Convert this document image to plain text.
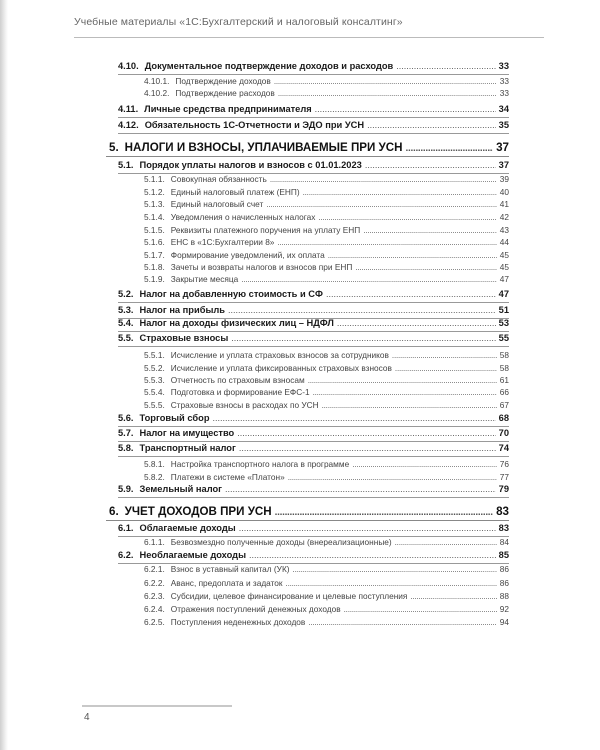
Учебные материалы «1С:Бухгалтерский и налоговый консалтинг»
4.10. Документальное подтверждение доходов и расходов .....	33
4.10.1. Подтверждение доходов .....	33
4.10.2. Подтверждение расходов .....	33
4.11. Личные средства предпринимателя .....	34
4.12. Обязательность 1С-Отчетности и ЭДО при УСН .....	35
5. НАЛОГИ И ВЗНОСЫ, УПЛАЧИВАЕМЫЕ ПРИ УСН .....	37
5.1. Порядок уплаты налогов и взносов с 01.01.2023 .....	37
5.1.1. Совокупная обязанность .....	39
5.1.2. Единый налоговый платеж (ЕНП) .....	40
5.1.3. Единый налоговый счет .....	41
5.1.4. Уведомления о начисленных налогах .....	42
5.1.5. Реквизиты платежного поручения на уплату ЕНП .....	43
5.1.6. ЕНС в «1С:Бухгалтерии 8» .....	44
5.1.7. Формирование уведомлений, их оплата .....	45
5.1.8. Зачеты и возвраты налогов и взносов при ЕНП .....	45
5.1.9. Закрытие месяца .....	47
5.2. Налог на добавленную стоимость и СФ .....	47
5.3. Налог на прибыль .....	51
5.4. Налог на доходы физических лиц – НДФЛ .....	53
5.5. Страховые взносы .....	55
5.5.1. Исчисление и уплата страховых взносов за сотрудников .....	58
5.5.2. Исчисление и уплата фиксированных страховых взносов .....	58
5.5.3. Отчетность по страховым взносам .....	61
5.5.4. Подготовка и формирование ЕФС-1 .....	66
5.5.5. Страховые взносы в расходах по УСН .....	67
5.6. Торговый сбор .....	68
5.7. Налог на имущество .....	70
5.8. Транспортный налог .....	74
5.8.1. Настройка транспортного налога в программе .....	76
5.8.2. Платежи в системе «Платон» .....	77
5.9. Земельный налог .....	79
6. УЧЕТ ДОХОДОВ ПРИ УСН .....	83
6.1. Облагаемые доходы .....	83
6.1.1. Безвозмездно полученные доходы (внереализационные) .....	84
6.2. Необлагаемые доходы .....	85
6.2.1. Взнос в уставный капитал (УК) .....	86
6.2.2. Аванс, предоплата и задаток .....	86
6.2.3. Субсидии, целевое финансирование и целевые поступления .....	88
6.2.4. Отражения поступлений денежных доходов .....	92
6.2.5. Поступления неденежных доходов .....	94
4
